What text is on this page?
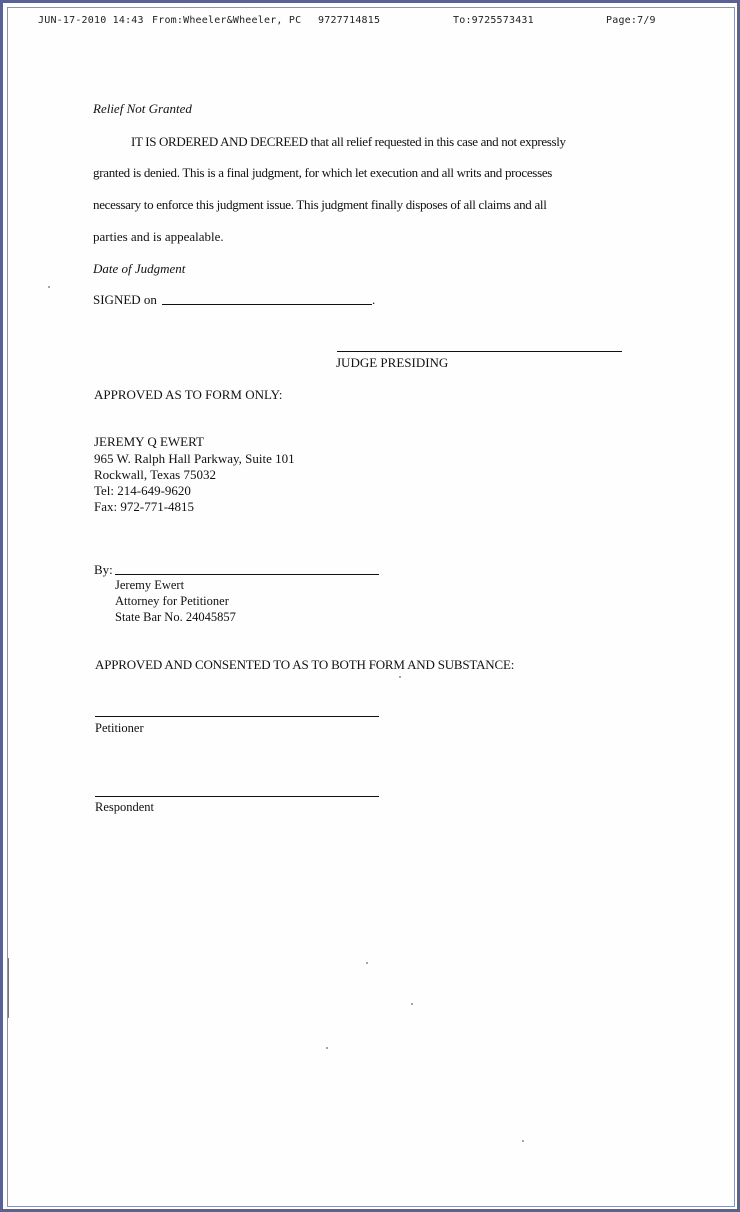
JUN-17-2010 14:43 From:Wheeler&Wheeler, PC 9727714815	To:9725573431	Page:7/9
Relief Not Granted
IT IS ORDERED AND DECREED that all relief requested in this case and not expressly
granted is denied. This is a final judgment, for which let execution and all writs and processes
necessary to enforce this judgment issue. This judgment finally disposes of all claims and all
parties and is appealable.
Date of Judgment
SIGNED on	.
JUDGE PRESIDING
APPROVED AS TO FORM ONLY:
JEREMY Q EWERT
965 W. Ralph Hall Parkway, Suite 101
Rockwall, Texas 75032
Tel: 214-649-9620
Fax: 972-771-4815
By:
Jeremy Ewert
Attorney for Petitioner
State Bar No. 24045857
APPROVED AND CONSENTED TO AS TO BOTH FORM AND SUBSTANCE:
Petitioner
Respondent
